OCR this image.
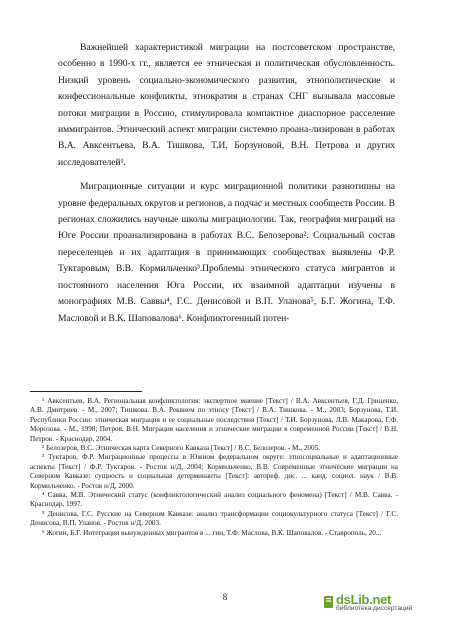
Важнейшей характеристикой миграции на постсоветском пространстве, особенно в 1990-х гг., является ее этническая и политическая обусловленность. Низкий уровень социально-экономического развития, этнополитические и конфессиональные конфликты, этнократия в странах СНГ вызывала массовые потоки миграции в Россию, стимулировала компактное диаспорное расселение иммигрантов. Этнический аспект миграции системно проана-лизирован в работах В.А. Авксентьева, В.А. Тишкова, Т.И. Борзуновой, В.Н. Петрова и других исследователей¹.

Миграционные ситуации и курс миграционной политики разнотипны на уровне федеральных округов и регионов, а подчас и местных сообществ России. В регионах сложились научные школы миграциологии. Так, география миграций на Юге России проанализирована в работах В.С. Белозерова². Социальный состав переселенцев и их адаптация в принимающих сообществах выявлены Ф.Р. Туктаровым, В.В. Кормильченко³.Проблемы этнического статуса мигрантов и постоянного населения Юга России, их взаимной адаптации изучены в монографиях М.В. Саввы⁴, Г.С. Денисовой и В.П. Уланова⁵, Б.Г. Жогина, Т.Ф. Масловой и В.К. Шаповалова⁶. Конфликтогенный потен-

¹ Авксентьев, В.А. Региональная конфликтология: экспертное мнение [Текст] / В.А. Авксентьев, Г.Д. Гриценко, А.В. Дмитриев. - М., 2007; Тишкова. В.А. Реквием по этносу [Текст] / В.А. Тишкова. - М., 2003; Борзунова, Т.И. Республики России: этническая миграция и ее социальные последствия [Текст] / Т.И. Борзунова, Л.В. Макарова, Г.Ф. Морозова. - М., 1998; Петров, В.Н. Миграция населения и этнические миграции в современной России [Текст] / В.Н. Петров. - Краснодар, 2004.

² Белозеров, В.С. Этническая карта Северного Кавказа [Текст] / В.С. Белозеров. - М., 2005.

³ Туктаров, Ф.Р. Миграционные процессы в Южном федеральном округе: этносоциальные и адаптационные аспекты [Текст] / Ф.Р. Туктаров. - Ростов н/Д, 2004; Кормильченко, В.В. Современные этнические миграции на Северном Кавказе: сущность и социальная детерминанты [Текст]: автореф. дис. ... канд. социол. наук / В.В. Кормильченко. - Ростов н/Д, 2000.

⁴ Савва, М.В. Этнический статус (конфликтологический анализ социального феномена) [Текст] / М.В. Савва. - Краснодар, 1997.

⁵ Денисова, Г.С. Русские на Северном Кавказе: анализ трансформации социокультурного статуса [Текст] / Г.С. Денисова, В.П. Уланов. - Ростов н/Д, 2003.

⁶ Жогин, Б.Г. Интеграция вынужденных мигрантов в ... гин, Т.Ф. Маслова, В.К. Шаповалов. - Ставрополь, 20...

8	dsLib.net
библиотека диссертаций
